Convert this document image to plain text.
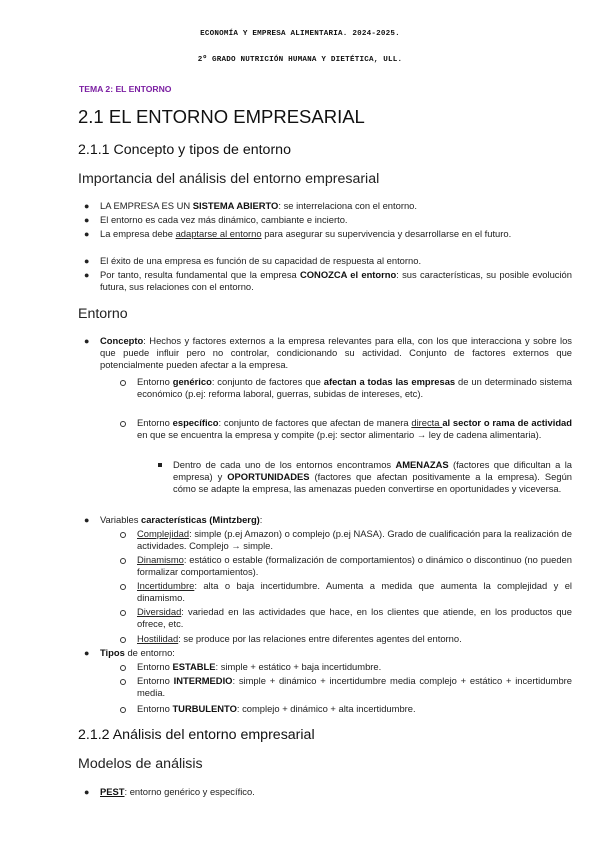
ECONOMÍA Y EMPRESA ALIMENTARIA. 2024-2025.
2º GRADO NUTRICIÓN HUMANA Y DIETÉTICA, ULL.
TEMA 2: EL ENTORNO
2.1 EL ENTORNO EMPRESARIAL
2.1.1 Concepto y tipos de entorno
Importancia del análisis del entorno empresarial
● LA EMPRESA ES UN SISTEMA ABIERTO: se interrelaciona con el entorno.
● El entorno es cada vez más dinámico, cambiante e incierto.
● La empresa debe adaptarse al entorno para asegurar su supervivencia y desarrollarse en el futuro.
● El éxito de una empresa es función de su capacidad de respuesta al entorno.
● Por tanto, resulta fundamental que la empresa CONOZCA el entorno: sus características, su posible evolución futura, sus relaciones con el entorno.
Entorno
● Concepto: Hechos y factores externos a la empresa relevantes para ella, con los que interacciona y sobre los que puede influir pero no controlar, condicionando su actividad. Conjunto de factores externos que potencialmente pueden afectar a la empresa.
Entorno genérico: conjunto de factores que afectan a todas las empresas de un determinado sistema económico (p.ej: reforma laboral, guerras, subidas de intereses, etc).
Entorno específico: conjunto de factores que afectan de manera directa al sector o rama de actividad en que se encuentra la empresa y compite (p.ej: sector alimentario → ley de cadena alimentaria).
Dentro de cada uno de los entornos encontramos AMENAZAS (factores que dificultan a la empresa) y OPORTUNIDADES (factores que afectan positivamente a la empresa). Según cómo se adapte la empresa, las amenazas pueden convertirse en oportunidades y viceversa.
● Variables características (Mintzberg):
Complejidad: simple (p.ej Amazon) o complejo (p.ej NASA). Grado de cualificación para la realización de actividades. Complejo → simple.
Dinamismo: estático o estable (formalización de comportamientos) o dinámico o discontinuo (no pueden formalizar comportamientos).
Incertidumbre: alta o baja incertidumbre. Aumenta a medida que aumenta la complejidad y el dinamismo.
Diversidad: variedad en las actividades que hace, en los clientes que atiende, en los productos que ofrece, etc.
Hostilidad: se produce por las relaciones entre diferentes agentes del entorno.
● Tipos de entorno:
Entorno ESTABLE: simple + estático + baja incertidumbre.
Entorno INTERMEDIO: simple + dinámico + incertidumbre media complejo + estático + incertidumbre media.
Entorno TURBULENTO: complejo + dinámico + alta incertidumbre.
2.1.2 Análisis del entorno empresarial
Modelos de análisis
● PEST: entorno genérico y específico.
